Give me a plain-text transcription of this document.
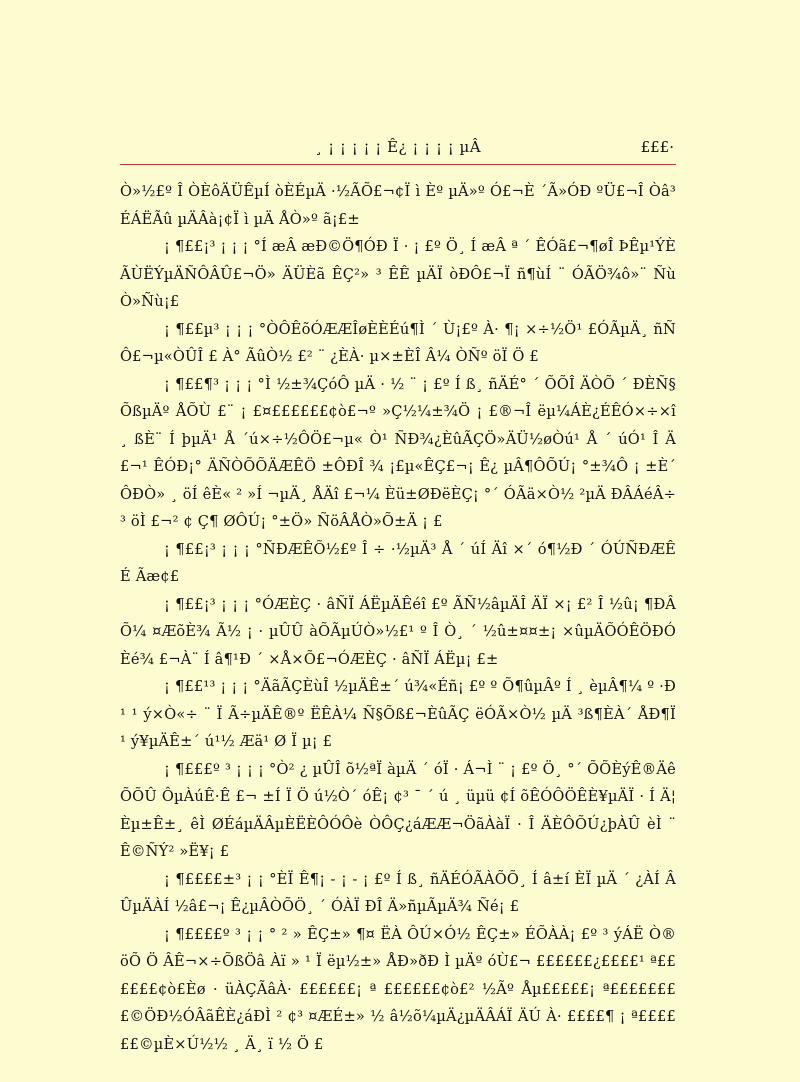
¸ ¡ ¡ ¡ ¡ ¡ Ê¿ ¡ ¡ ¡ ¡ µÂ	£££·

Ò»½£º Î ÒÈôÄÜÊµÍ òÈÉµÄ ·½ÃÕ£¬¢Ï ì Èº µÄ»º Ó£¬È ´Ã»ÓÐ ºÜ£¬Î Òâ³ ÉÁËÃû µÄÂà¡¢Ï ì µÄ ÅÒ»º ã¡£±

¡ ¶££¡³ ¡ ¡ ¡ °Í æÂ æÐ©Ö¶ÓÐ Ï · ¡ £º Ö¸ Í æÂ ª ´ ÊÓã£¬¶øÎ ÞÊµ¹ÝÈÃÙËÝµÄÑÔÂÛ£¬Ö» ÄÜÈã ÊÇ²» ³ ÊÊ µÄÏ òÐÔ£¬Ï ñ¶ùÍ ¨ ÓÃÖ¾ô»¨ ÑùÒ»Ñù¡£

¡ ¶££µ³ ¡ ¡ ¡ °ÒÔÊõÓÆÆÎøÈÈÉú¶Ì ´ Ù¡£º À· ¶¡ ×÷½Ö¹ £ÓÃµÄ¸ ñÑÔ£¬µ«ÒÛÎ £ À° ÃûÒ½ £² ¨ ¿ÈÀ· µ×±ÈÎ Â¼ ÒÑº öÏ Ö £

¡ ¶££¶³ ¡ ¡ ¡ °Ì ½±¾ÇóÔ µÄ · ½ ¨ ¡ £º Í ß¸ ñÄÉ° ´ ÕÕÎ ÄÒÕ ´ ÐÈÑ§ÕßµÄº ÅÕÙ £¨ ¡ £¤££££££¢ò£¬º »Ç½¼±¾Ö ¡ £®¬Î ëµ¼ÁÈ¿ÉÊÓ×÷×î ¸ ßÈ¨ Í þµÄ¹ Å ´ú×÷½ÔÖ£¬µ« Ò¹ ÑÐ¾¿ÈûÃÇÖ»ÄÜ½øÒú¹ Å ´ úÓ¹ Î Ä£¬¹ ÊÓÐ¡° ÄÑÒÕÕÄÆÊÖ ±ÔÐÎ ¾ ¡£µ«ÊÇ£¬¡ Ê¿ µÂ¶ÔÕÚ¡ °±¾Ô ¡ ±È´ ÔÐÒ» ¸ öÍ êÈ« ² »Í ¬µÄ¸ ÅÄî £¬¼ Èü±ØÐëÈÇ¡ °´ ÓÃä×Ò½ ²µÄ ÐÂÁéÂ÷³ öÌ £¬² ¢ Ç¶ ØÔÚ¡ °±Ö» ÑöÂÅÒ»Õ±Ä ¡ £

¡ ¶££¡³ ¡ ¡ ¡ °ÑÐÆÊÕ½£º Î ÷ ·½µÄ³ Å ´ úÍ Äî ×´ ó¶½Ð ´ ÓÚÑÐÆÊÉ Ãæ¢£

¡ ¶££¡³ ¡ ¡ ¡ °ÓÆÈÇ · âÑÏ ÁËµÄÊéî £º ÃÑ½âµÄÎ ÄÏ ×¡ £² Î ½û¡ ¶ÐÂÕ¼ ¤ÆõÈ¾ Ã½ ¡ · µÛÛ àÕÃµÚÒ»½£¹ º Î Ò¸ ´ ½û±¤¤±¡ ×ûµÄÕÓÊÖÐÓÈé¾ £¬À¨ Í â¶¹Ð ´ ×Å×Õ£¬ÓÆÈÇ · âÑÏ ÁËµ¡ £±

¡ ¶££¹³ ¡ ¡ ¡ °ÄãÃÇÈùÎ ½µÄÊ±´ ú¾«Éñ¡ £º º Õ¶ûµÂº Í ¸ èµÂ¶¼ º ·Ð¹ ¹ ý×Ò«÷ ¨ Ï Ã÷µÄÊ®º ËÊÀ¼ Ñ§Õß£¬ÈûÃÇ ëÓÃ×Ò½ µÄ ³ß¶ÈÀ´ ÅÐ¶Ï ¹ ý¥µÄÊ±´ ú¹½ Æä¹ Ø Ï µ¡ £

¡ ¶£££º ³ ¡ ¡ ¡ °Ò² ¿ µÛÎ õ½ªÏ àµÄ ´ óÏ · Á¬Ì ¨ ¡ £º Ö¸ °´ ÕÕÈýÊ®ÄêÕÕÛ ÔµÀúÊ·Ê £¬ ±Í Ï Ö ú½Ò´ óÊ¡ ¢³ ¯ ´ ú ¸ üµü ¢Í õÊÓÔÖÊÈ¥µÄÏ · Í Ä¦ Èµ±Ê±¸ êÌ ØÉáµÄÂµÈËÈÔÓÔè ÒÔÇ¿áÆÆ¬ÖãÀàÏ · Î ÄÈÔÕÚ¿þÀÛ èÌ ¨ Ê©ÑÝ² »Ë¥¡ £

¡ ¶££££±³ ¡ ¡ °ÈÏ Ê¶¡ - ¡ - ¡ £º Í ß¸ ñÄÉÓÃÀÕÕ¸ Í â±í ÈÏ µÄ ´ ¿ÀÍ ÂÛµÄÀÍ ½â£¬¡ Ê¿µÂÒÕÖ¸ ´ ÓÀÏ ÐÎ Ä»ñµÃµÄ¾ Ñé¡ £

¡ ¶££££º ³ ¡ ¡ ° ² » ÊÇ±» ¶¤ ËÀ ÔÚ×Ó½ ÊÇ±» ÉÕÀÀ¡ £º ³ ýÁË Ò®öÕ Ö ÂÊ¬×÷ÕßÖâ Àï » ¹ Ï ëµ½±» ÅÐ»ðÐ Ì µÄº óÙ£¬ ££££££¿££££¹ ª££££££¢ò£Èø · üÀÇÃâÀ· ££££££¡ ª ££££££¢ò£² ½Ãº Åµ£££££¡ ª££££££££©ÖÐ½ÓÂãÊÈ¿áÐÌ ² ¢³ ¤ÆÉ±» ½ â½õ¼µÄ¿µÄÂÁÏ ÄÚ À· ££££¶ ¡ ª££££££©µÈ×Ú½½ ¸ Ä¸ ï ½ Ö £
